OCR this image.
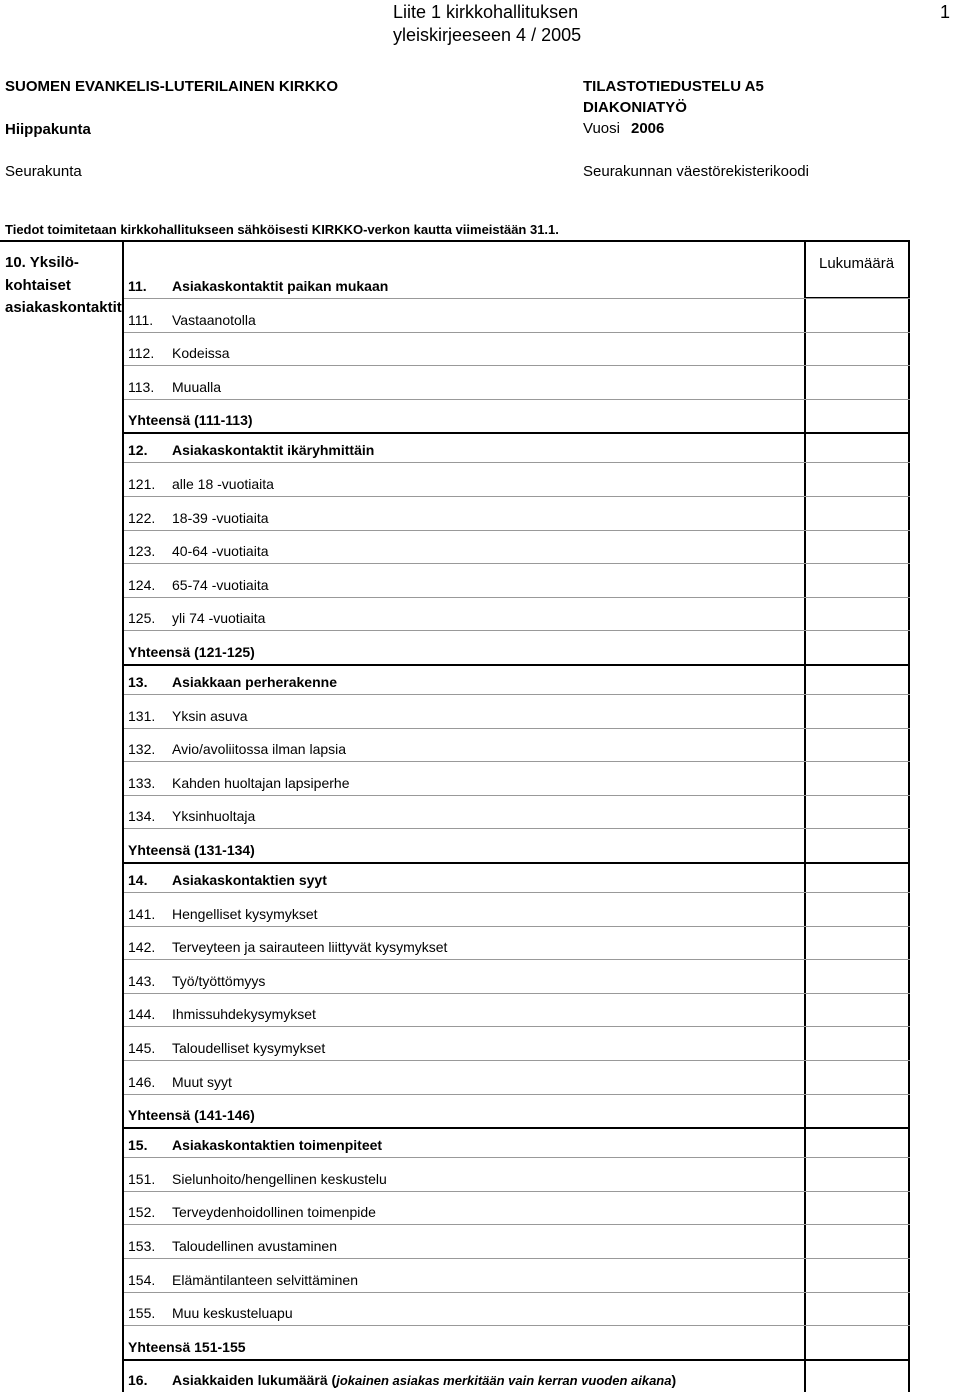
Liite 1 kirkkohallituksen
yleiskirjeeseen 4 / 2005
1
SUOMEN EVANKELIS-LUTERILAINEN KIRKKO	TILASTOTIEDUSTELU A5
DIAKONIATYÖ
Hiippakunta	Vuosi 2006
Seurakunta	Seurakunnan väestörekisterikoodi
Tiedot toimitetaan kirkkohallitukseen sähköisesti KIRKKO-verkon kautta viimeistään 31.1.
10. Yksilö-
kohtaiset
asiakaskontaktit
Lukumäärä
11. Asiakaskontaktit paikan mukaan
111. Vastaanotolla
112. Kodeissa
113. Muualla
Yhteensä (111-113)
12. Asiakaskontaktit ikäryhmittäin
121. alle 18 -vuotiaita
122. 18-39 -vuotiaita
123. 40-64 -vuotiaita
124. 65-74 -vuotiaita
125. yli 74 -vuotiaita
Yhteensä (121-125)
13. Asiakkaan perherakenne
131. Yksin asuva
132. Avio/avoliitossa ilman lapsia
133. Kahden huoltajan lapsiperhe
134. Yksinhuoltaja
Yhteensä (131-134)
14. Asiakaskontaktien syyt
141. Hengelliset kysymykset
142. Terveyteen ja sairauteen liittyvät kysymykset
143. Työ/työttömyys
144. Ihmissuhdekysymykset
145. Taloudelliset kysymykset
146. Muut syyt
Yhteensä (141-146)
15. Asiakaskontaktien toimenpiteet
151. Sielunhoito/hengellinen keskustelu
152. Terveydenhoidollinen toimenpide
153. Taloudellinen avustaminen
154. Elämäntilanteen selvittäminen
155. Muu keskusteluapu
Yhteensä 151-155
16. Asiakkaiden lukumäärä (jokainen asiakas merkitään vain kerran vuoden aikana)
